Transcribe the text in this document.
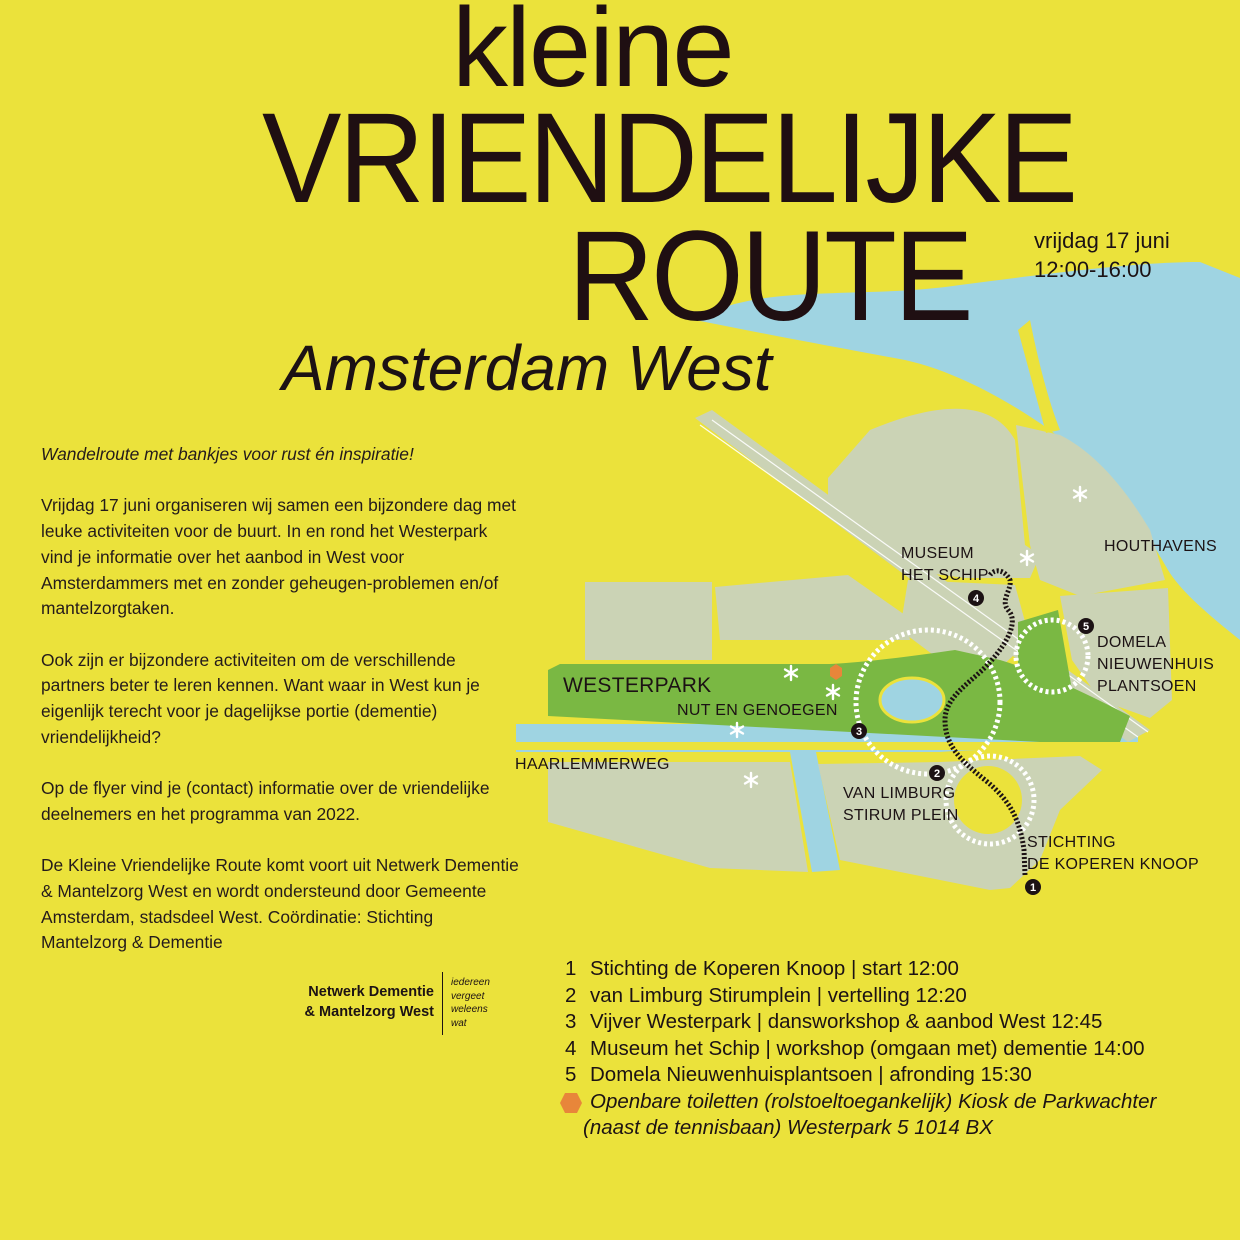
1
2
3
4
5
WESTERPARK
NUT EN GENOEGEN
HAARLEMMERWEG
MUSEUM
HET SCHIP
HOUTHAVENS
DOMELA
NIEUWENHUIS
PLANTSOEN
VAN LIMBURG
STIRUM PLEIN
STICHTING
DE KOPEREN KNOOP
kleine
VRIENDELIJKE
ROUTE
Amsterdam West
vrijdag 17 juni
12:00-16:00

Wandelroute met bankjes voor rust én inspiratie!

Vrijdag 17 juni organiseren wij samen een bijzondere dag met leuke activiteiten voor de buurt. In en rond het Westerpark vind je informatie over het aanbod in West voor Amsterdammers met en zonder geheugen-problemen en/of mantelzorgtaken.

Ook zijn er bijzondere activiteiten om de verschillende partners beter te leren kennen. Want waar in West kun je eigenlijk terecht voor je dagelijkse portie (dementie) vriendelijkheid?

Op de flyer vind je (contact) informatie over de vriendelijke deelnemers en het programma van 2022.

De Kleine Vriendelijke Route komt voort uit Netwerk Dementie & Mantelzorg West en wordt ondersteund door Gemeente Amsterdam, stadsdeel West. Coördinatie: Stichting Mantelzorg & Dementie

Netwerk Dementie
& Mantelzorg West
iedereen
vergeet
weleens
wat
1 Stichting de Koperen Knoop | start 12:00
2 van Limburg Stirumplein | vertelling 12:20
3 Vijver Westerpark | dansworkshop & aanbod West 12:45
4 Museum het Schip | workshop (omgaan met) dementie 14:00
5 Domela Nieuwenhuisplantsoen | afronding 15:30
Openbare toiletten (rolstoeltoegankelijk) Kiosk de Parkwachter
(naast de tennisbaan) Westerpark 5 1014 BX
